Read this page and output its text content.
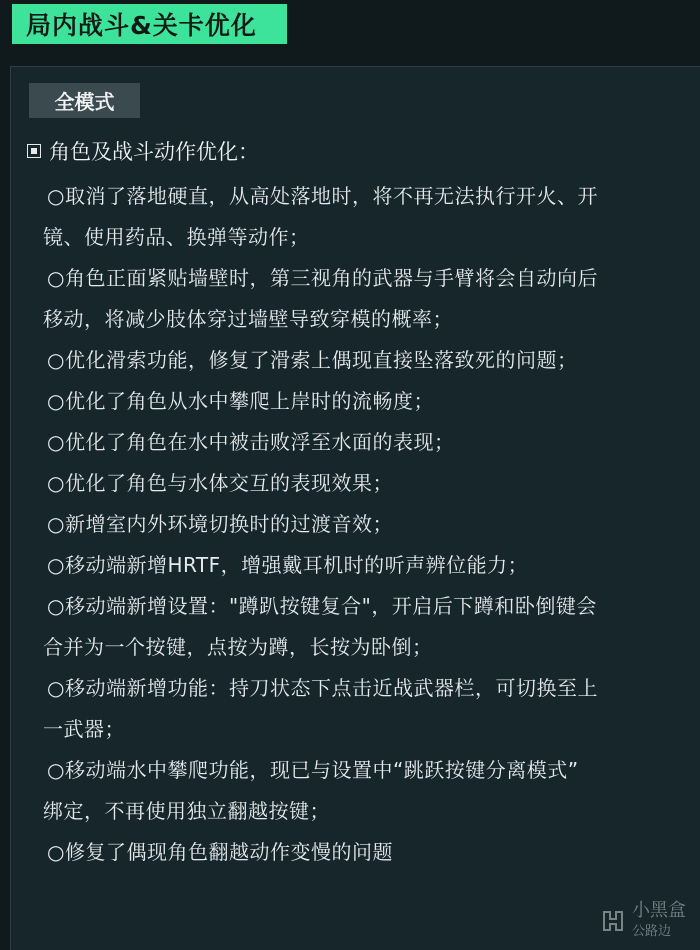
局内战斗&关卡优化
全模式
角色及战斗动作优化：
○取消了落地硬直，从高处落地时，将不再无法执行开火、开
镜、使用药品、换弹等动作；
○角色正面紧贴墙壁时，第三视角的武器与手臂将会自动向后
移动，将减少肢体穿过墙壁导致穿模的概率；
○优化滑索功能，修复了滑索上偶现直接坠落致死的问题；
○优化了角色从水中攀爬上岸时的流畅度；
○优化了角色在水中被击败浮至水面的表现；
○优化了角色与水体交互的表现效果；
○新增室内外环境切换时的过渡音效；
○移动端新增HRTF，增强戴耳机时的听声辨位能力；
○移动端新增设置："蹲趴按键复合"，开启后下蹲和卧倒键会
合并为一个按键，点按为蹲，长按为卧倒；
○移动端新增功能：持刀状态下点击近战武器栏，可切换至上
一武器；
○移动端水中攀爬功能，现已与设置中“跳跃按键分离模式”
绑定，不再使用独立翻越按键；
○修复了偶现角色翻越动作变慢的问题
小黑盒
公路边
